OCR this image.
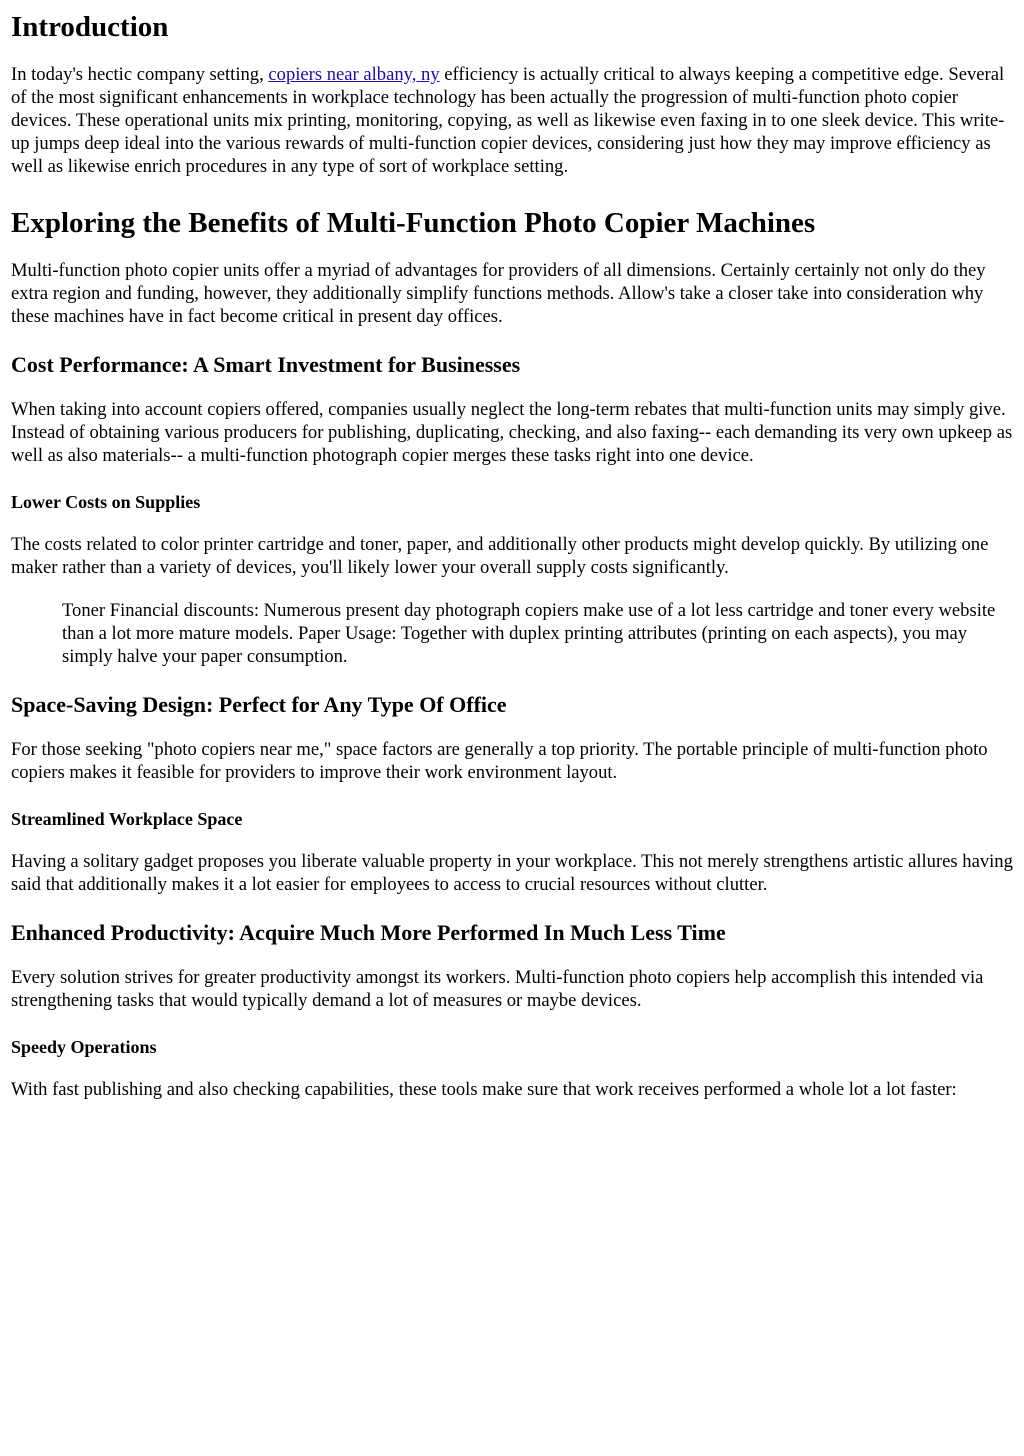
Introduction

In today's hectic company setting, copiers near albany, ny efficiency is actually critical to always keeping a competitive edge. Several of the most significant enhancements in workplace technology has been actually the progression of multi-function photo copier devices. These operational units mix printing, monitoring, copying, as well as likewise even faxing in to one sleek device. This write-up jumps deep ideal into the various rewards of multi-function copier devices, considering just how they may improve efficiency as well as likewise enrich procedures in any type of sort of workplace setting.

Exploring the Benefits of Multi-Function Photo Copier Machines

Multi-function photo copier units offer a myriad of advantages for providers of all dimensions. Certainly certainly not only do they extra region and funding, however, they additionally simplify functions methods. Allow's take a closer take into consideration why these machines have in fact become critical in present day offices.

Cost Performance: A Smart Investment for Businesses

When taking into account copiers offered, companies usually neglect the long-term rebates that multi-function units may simply give. Instead of obtaining various producers for publishing, duplicating, checking, and also faxing-- each demanding its very own upkeep as well as also materials-- a multi-function photograph copier merges these tasks right into one device.

Lower Costs on Supplies

The costs related to color printer cartridge and toner, paper, and additionally other products might develop quickly. By utilizing one maker rather than a variety of devices, you'll likely lower your overall supply costs significantly.

Toner Financial discounts: Numerous present day photograph copiers make use of a lot less cartridge and toner every website than a lot more mature models. Paper Usage: Together with duplex printing attributes (printing on each aspects), you may simply halve your paper consumption.
Space-Saving Design: Perfect for Any Type Of Office

For those seeking "photo copiers near me," space factors are generally a top priority. The portable principle of multi-function photo copiers makes it feasible for providers to improve their work environment layout.

Streamlined Workplace Space

Having a solitary gadget proposes you liberate valuable property in your workplace. This not merely strengthens artistic allures having said that additionally makes it a lot easier for employees to access to crucial resources without clutter.

Enhanced Productivity: Acquire Much More Performed In Much Less Time

Every solution strives for greater productivity amongst its workers. Multi-function photo copiers help accomplish this intended via strengthening tasks that would typically demand a lot of measures or maybe devices.

Speedy Operations

With fast publishing and also checking capabilities, these tools make sure that work receives performed a whole lot a lot faster:
